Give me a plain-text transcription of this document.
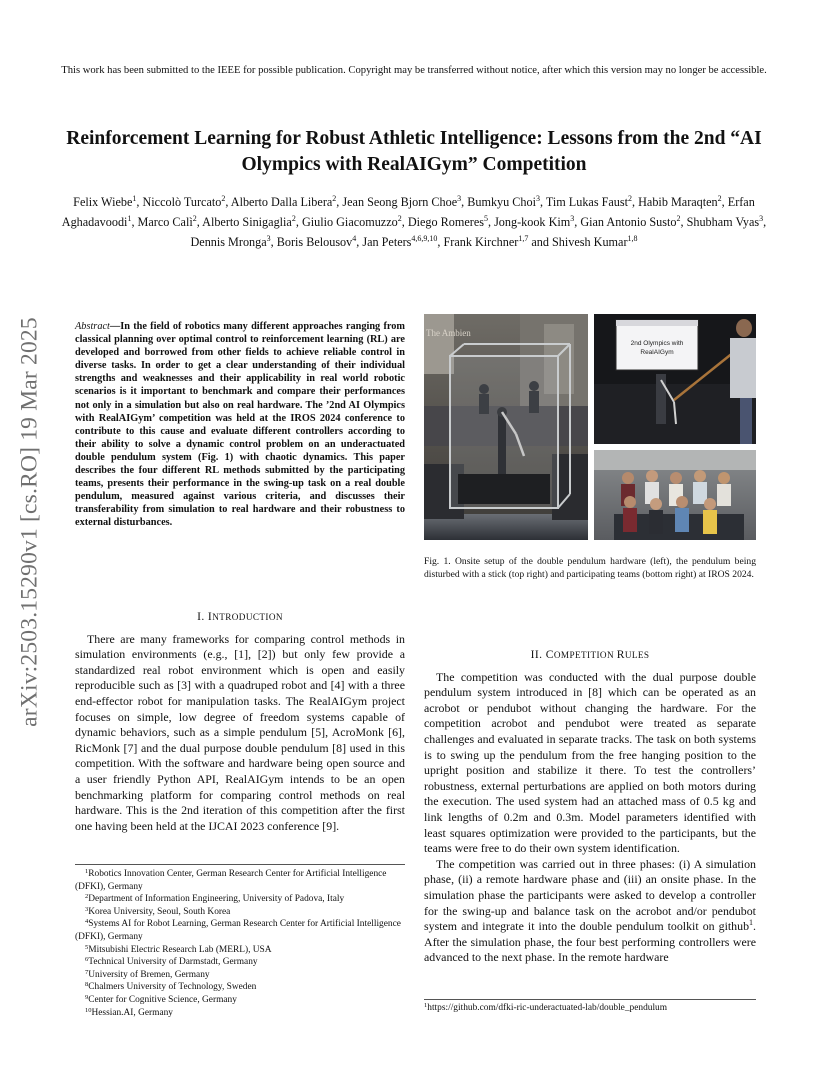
This work has been submitted to the IEEE for possible publication. Copyright may be transferred without notice, after which this version may no longer be accessible.
Reinforcement Learning for Robust Athletic Intelligence: Lessons from the 2nd “AI Olympics with RealAIGym” Competition
Felix Wiebe$^1$, Niccolò Turcato$^2$, Alberto Dalla Libera$^2$, Jean Seong Bjorn Choe$^3$, Bumkyu Choi$^3$, Tim Lukas Faust$^2$, Habib Maraqten$^2$, Erfan Aghadavoodi$^1$, Marco Calì$^2$, Alberto Sinigaglia$^2$, Giulio Giacomuzzo$^2$, Diego Romeres$^5$, Jong-kook Kim$^3$, Gian Antonio Susto$^2$, Shubham Vyas$^3$, Dennis Mronga$^3$, Boris Belousov$^4$, Jan Peters$^{4,6,9,10}$, Frank Kirchner$^{1,7}$ and Shivesh Kumar$^{1,8}$
arXiv:2503.15290v1 [cs.RO] 19 Mar 2025	Abstract—In the field of robotics many different approaches ranging from classical planning over optimal control to reinforcement learning (RL) are developed and borrowed from other fields to achieve reliable control in diverse tasks. In order to get a clear understanding of their individual strengths and weaknesses and their applicability in real world robotic scenarios is it important to benchmark and compare their performances not only in a simulation but also on real hardware. The ’2nd AI Olympics with RealAIGym’ competition was held at the IROS 2024 conference to contribute to this cause and evaluate different controllers according to their ability to solve a dynamic control problem on an underactuated double pendulum system (Fig. 1) with chaotic dynamics. This paper describes the four different RL methods submitted by the participating teams, presents their performance in the swing-up task on a real double pendulum, measured against various criteria, and discusses their transferability from simulation to real hardware and their robustness to external disturbances.
I. INTRODUCTION

There are many frameworks for comparing control methods in simulation environments (e.g., [1], [2]) but only few provide a standardized real robot environment which is open and easily reproducible such as [3] with a quadruped robot and [4] with a three end-effector robot for manipulation tasks. The RealAIGym project focuses on simple, low degree of freedom systems capable of dynamic behaviors, such as a simple pendulum [5], AcroMonk [6], RicMonk [7] and the dual purpose double pendulum [8] used in this competition. With the software and hardware being open source and a user friendly Python API, RealAIGym intends to be an open benchmarking platform for comparing control methods on real hardware. This is the 2nd iteration of this competition after the first one having been held at the IJCAI 2023 conference [9].

$^1$Robotics Innovation Center, German Research Center for Artificial Intelligence (DFKI), Germany
$^2$Department of Information Engineering, University of Padova, Italy
$^3$Korea University, Seoul, South Korea
$^4$Systems AI for Robot Learning, German Research Center for Artificial Intelligence (DFKI), Germany
$^5$Mitsubishi Electric Research Lab (MERL), USA
$^6$Technical University of Darmstadt, Germany
$^7$University of Bremen, Germany
$^8$Chalmers University of Technology, Sweden
$^9$Center for Cognitive Science, Germany
$^{10}$Hessian.AI, Germany
The Ambien
2nd Olympics with
RealAIGym
Fig. 1. Onsite setup of the double pendulum hardware (left), the pendulum being disturbed with a stick (top right) and participating teams (bottom right) at IROS 2024.
II. COMPETITION RULES

The competition was conducted with the dual purpose double pendulum system introduced in [8] which can be operated as an acrobot or pendubot without changing the hardware. For the competition acrobot and pendubot were treated as separate challenges and evaluated in separate tracks. The task on both systems is to swing up the pendulum from the free hanging position to the upright position and stabilize it there. To test the controllers’ robustness, external perturbations are applied on both motors during the execution. The used system had an attached mass of 0.5 kg and link lengths of 0.2m and 0.3m. Model parameters identified with least squares optimization were provided to the participants, but the teams were free to do their own system identification.

The competition was carried out in three phases: (i) A simulation phase, (ii) a remote hardware phase and (iii) an onsite phase. In the simulation phase the participants were asked to develop a controller for the swing-up and balance task on the acrobot and/or pendubot system and integrate it into the double pendulum toolkit on github$^1$. After the simulation phase, the four best performing controllers were advanced to the next phase. In the remote hardware

$^1$https://github.com/dfki-ric-underactuated-lab/double_pendulum
